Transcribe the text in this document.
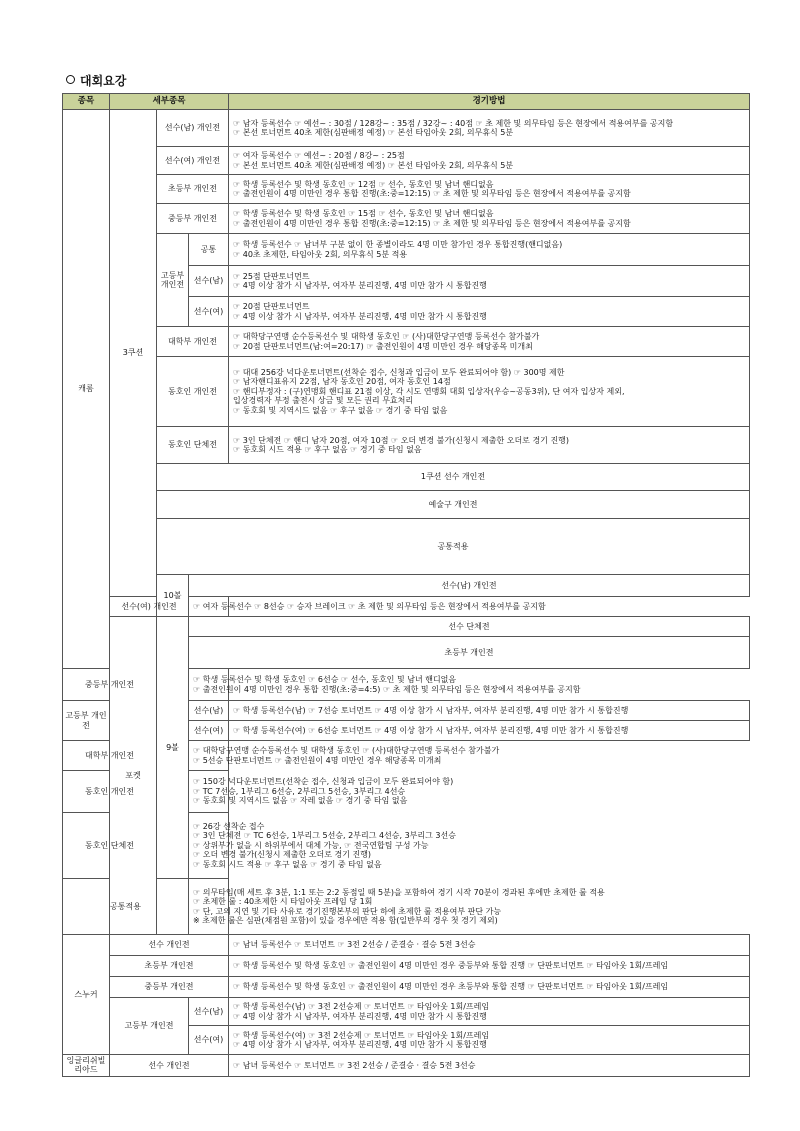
대회요강
종목	세부종목			경기방법	
캐롬	3쿠션	선수(남) 개인전		☞ 남자 등록선수 ☞ 예선~ : 30점 / 128강~ : 35점 / 32강~ : 40점 ☞ 초 제한 및 의무타임 등은 현장에서 적용여부를 공지함
☞ 본선 토너먼트 40초 제한(심판배정 예정) ☞ 본선 타임아웃 2회, 의무휴식 5분	

		선수(여) 개인전		☞ 여자 등록선수 ☞ 예선~ : 20점 / 8강~ : 25점
☞ 본선 토너먼트 40초 제한(심판배정 예정) ☞ 본선 타임아웃 2회, 의무휴식 5분	

		초등부 개인전		☞ 학생 등록선수 및 학생 동호인 ☞ 12점 ☞ 선수, 동호인 및 남녀 핸디없음
☞ 출전인원이 4명 미만인 경우 통합 진행(초:중=12:15) ☞ 초 제한 및 의무타임 등은 현장에서 적용여부를 공지함	

		중등부 개인전		☞ 학생 등록선수 및 학생 동호인 ☞ 15점 ☞ 선수, 동호인 및 남녀 핸디없음
☞ 출전인원이 4명 미만인 경우 통합 진행(초:중=12:15) ☞ 초 제한 및 의무타임 등은 현장에서 적용여부를 공지함	

		고등부 개인전	공통	☞ 학생 등록선수 ☞ 남녀부 구분 없이 한 종별이라도 4명 미만 참가인 경우 통합진행(핸디없음)
☞ 40초 초제한, 타임아웃 2회, 의무휴식 5분 적용	

			선수(남)	☞ 25점 단판토너먼트
☞ 4명 이상 참가 시 남자부, 여자부 분리진행, 4명 미만 참가 시 통합진행	

			선수(여)	☞ 20점 단판토너먼트
☞ 4명 이상 참가 시 남자부, 여자부 분리진행, 4명 미만 참가 시 통합진행	

		대학부 개인전		☞ 대학당구연맹 순수등록선수 및 대학생 동호인 ☞ (사)대한당구연맹 등록선수 참가불가
☞ 20점 단판토너먼트(남:여=20:17) ☞ 출전인원이 4명 미만인 경우 해당종목 미개최	

		동호인 개인전		☞ 대대 256강 넉다운토너먼트(선착순 접수, 신청과 입금이 모두 완료되어야 함) ☞ 300명 제한
☞ 남자핸디표유지 22점, 남자 동호인 20점, 여자 동호인 14점
☞ 핸디부정자 : (구)연맹회 핸디표 21점 이상, 각 시도 연맹회 대회 입상자(우승~공동3위), 단 여자 입상자 제외,
입상경력자 부정 출전시 상금 및 모든 권리 무효처리
☞ 동호회 및 지역시드 없음 ☞ 후구 없음 ☞ 경기 중 타임 없음	

		동호인 단체전		☞ 3인 단체전 ☞ 핸디 남자 20점, 여자 10점 ☞ 오더 변경 불가(신청시 제출한 오더로 경기 진행)
☞ 동호회 시드 적용 ☞ 후구 없음 ☞ 경기 중 타임 없음	

		1쿠션 선수 개인전	

		예술구 개인전	

		공통적용	

		10볼	선수(남) 개인전	

	선수(여) 개인전		☞ 여자 등록선수 ☞ 8선승 ☞ 승자 브레이크 ☞ 초 제한 및 의무타임 등은 현장에서 적용여부를 공지함		

	포켓	9볼	선수 단체전	

			초등부 개인전	

중등부 개인전			☞ 학생 등록선수 및 학생 동호인 ☞ 6선승 ☞ 선수, 동호인 및 남녀 핸디없음
☞ 출전인원이 4명 미만인 경우 통합 진행(초:중=4:5) ☞ 초 제한 및 의무타임 등은 현장에서 적용여부를 공지함		

고등부 개인전			선수(남)	☞ 학생 등록선수(남) ☞ 7선승 토너먼트 ☞ 4명 이상 참가 시 남자부, 여자부 분리진행, 4명 미만 참가 시 통합진행	

			선수(여)	☞ 학생 등록선수(여) ☞ 6선승 토너먼트 ☞ 4명 이상 참가 시 남자부, 여자부 분리진행, 4명 미만 참가 시 통합진행	

대학부 개인전			☞ 대학당구연맹 순수등록선수 및 대학생 동호인 ☞ (사)대한당구연맹 등록선수 참가불가
☞ 5선승 단판토너먼트 ☞ 출전인원이 4명 미만인 경우 해당종목 미개최		

동호인 개인전			☞ 150강 넉다운토너먼트(선착순 접수, 신청과 입금이 모두 완료되어야 함)
☞ TC 7선승, 1부리그 6선승, 2부리그 5선승, 3부리그 4선승
☞ 동호회 및 지역시드 없음 ☞ 자레 없음 ☞ 경기 중 타임 없음		

동호인 단체전			☞ 26강 선착순 접수
☞ 3인 단체전 ☞ TC 6선승, 1부리그 5선승, 2부리그 4선승, 3부리그 3선승
☞ 상위부가 없을 시 하위부에서 대체 가능, ☞ 전국연합팀 구성 가능
☞ 오더 변경 불가(신청시 제출한 오더로 경기 진행)
☞ 동호회 시드 적용 ☞ 후구 없음 ☞ 경기 중 타임 없음		

공통적용			☞ 의무타임(매 세트 후 3분, 1:1 또는 2:2 동점일 때 5분)을 포함하여 경기 시작 70분이 경과된 후에만 초제한 룰 적용
☞ 초제한 룰 : 40초제한 시 타임아웃 프레임 당 1회
☞ 단, 고의 지연 및 기타 사유로 경기진행본부의 판단 하에 초제한 룰 적용여부 판단 가능
※ 초제한 룰은 심판(채점원 포함)이 있을 경우에만 적용 함(일반부의 경우 첫 경기 제외)		

스누커	선수 개인전			☞ 남녀 등록선수 ☞ 토너먼트 ☞ 3전 2선승 / 준결승 · 결승 5전 3선승	

	초등부 개인전			☞ 학생 등록선수 및 학생 동호인 ☞ 출전인원이 4명 미만인 경우 중등부와 통합 진행 ☞ 단판토너먼트 ☞ 타임아웃 1회/프레임	

	중등부 개인전			☞ 학생 등록선수 및 학생 동호인 ☞ 출전인원이 4명 미만인 경우 초등부와 통합 진행 ☞ 단판토너먼트 ☞ 타임아웃 1회/프레임	

	고등부 개인전		선수(남)	☞ 학생 등록선수(남) ☞ 3전 2선승제 ☞ 토너먼트 ☞ 타임아웃 1회/프레임
☞ 4명 이상 참가 시 남자부, 여자부 분리진행, 4명 미만 참가 시 통합진행	

			선수(여)	☞ 학생 등록선수(여) ☞ 3전 2선승제 ☞ 토너먼트 ☞ 타임아웃 1회/프레임
☞ 4명 이상 참가 시 남자부, 여자부 분리진행, 4명 미만 참가 시 통합진행	

잉글리쉬빌리아드	선수 개인전			☞ 남녀 등록선수 ☞ 토너먼트 ☞ 3전 2선승 / 준결승 · 결승 5전 3선승	
